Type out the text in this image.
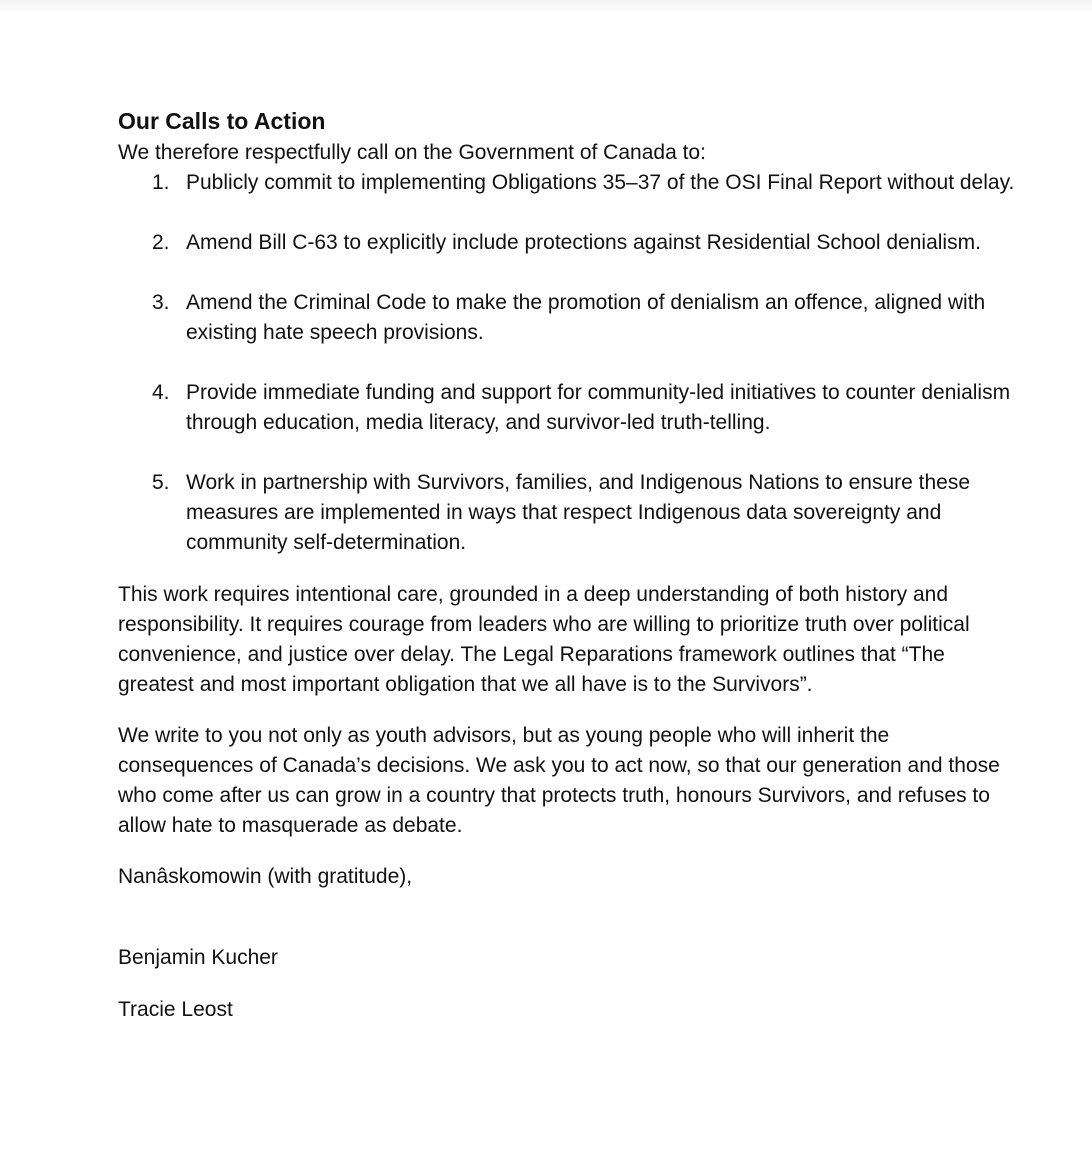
Our Calls to Action

We therefore respectfully call on the Government of Canada to:

1. Publicly commit to implementing Obligations 35–37 of the OSI Final Report without delay.
2. Amend Bill C-63 to explicitly include protections against Residential School denialism.
3. Amend the Criminal Code to make the promotion of denialism an offence, aligned with existing hate speech provisions.
4. Provide immediate funding and support for community-led initiatives to counter denialism through education, media literacy, and survivor-led truth-telling.
5. Work in partnership with Survivors, families, and Indigenous Nations to ensure these measures are implemented in ways that respect Indigenous data sovereignty and community self-determination.

This work requires intentional care, grounded in a deep understanding of both history and responsibility. It requires courage from leaders who are willing to prioritize truth over political convenience, and justice over delay. The Legal Reparations framework outlines that “The greatest and most important obligation that we all have is to the Survivors”.

We write to you not only as youth advisors, but as young people who will inherit the consequences of Canada’s decisions. We ask you to act now, so that our generation and those who come after us can grow in a country that protects truth, honours Survivors, and refuses to allow hate to masquerade as debate.

Nanâskomowin (with gratitude),

Benjamin Kucher

Tracie Leost
